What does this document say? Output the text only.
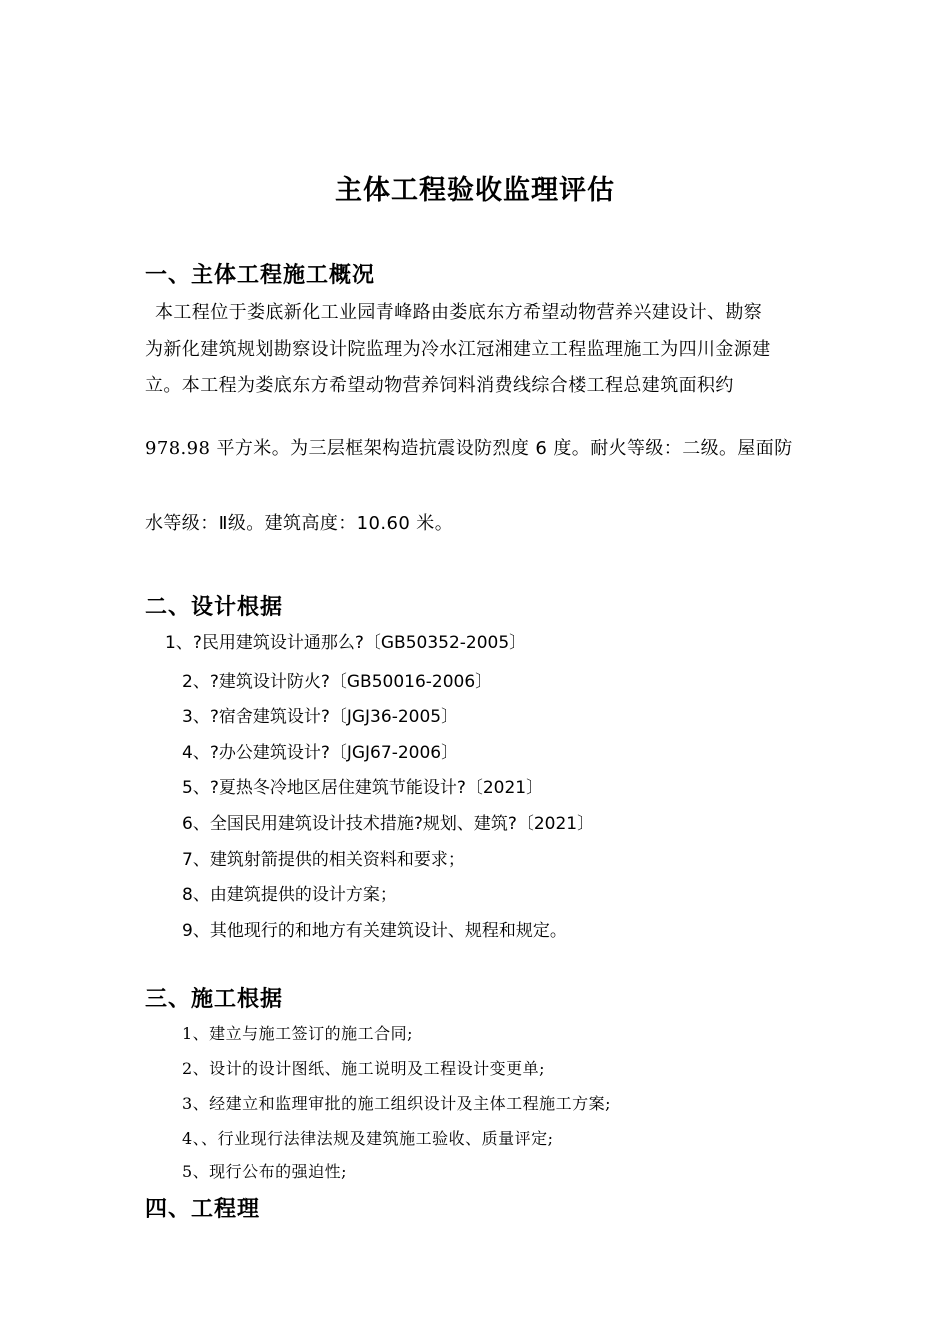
主体工程验收监理评估
一、主体工程施工概况
本工程位于娄底新化工业园青峰路由娄底东方希望动物营养兴建设计、勘察
为新化建筑规划勘察设计院监理为冷水江冠湘建立工程监理施工为四川金源建
立。本工程为娄底东方希望动物营养饲料消费线综合楼工程总建筑面积约
978.98 平方米。为三层框架构造抗震设防烈度 6 度。耐火等级：二级。屋面防
水等级：Ⅱ级。建筑高度：10.60 米。
二、设计根据
1、?民用建筑设计通那么?〔GB50352-2005〕
2、?建筑设计防火?〔GB50016-2006〕
3、?宿舍建筑设计?〔JGJ36-2005〕
4、?办公建筑设计?〔JGJ67-2006〕
5、?夏热冬冷地区居住建筑节能设计?〔2021〕
6、全国民用建筑设计技术措施?规划、建筑?〔2021〕
7、建筑射箭提供的相关资料和要求；
8、由建筑提供的设计方案；
9、其他现行的和地方有关建筑设计、规程和规定。
三、施工根据
1、建立与施工签订的施工合同;
2、设计的设计图纸、施工说明及工程设计变更单;
3、经建立和监理审批的施工组织设计及主体工程施工方案;
4、、行业现行法律法规及建筑施工验收、质量评定;
5、现行公布的强迫性;
四、工程理
